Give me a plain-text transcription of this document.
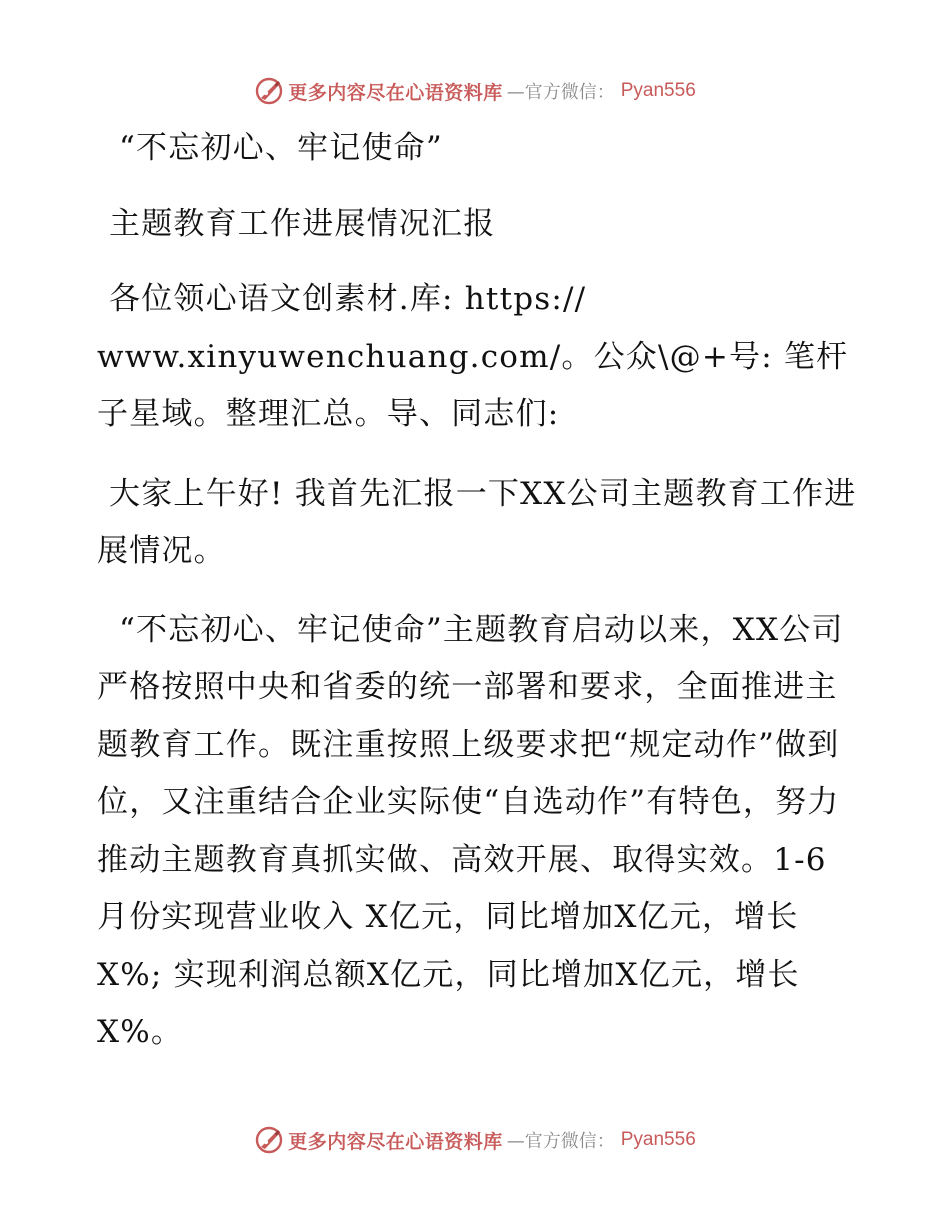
更多内容尽在心语资料库 —官方微信： Pyan556

“不忘初心、牢记使命”

主题教育工作进展情况汇报

各位领心语文创素材.库: https:// www.xinyuwenchuang.com/。公众\@+号: 笔杆子星域。整理汇总。导、同志们:

大家上午好! 我首先汇报一下XX公司主题教育工作进展情况。

“不忘初心、牢记使命”主题教育启动以来，XX公司严格按照中央和省委的统一部署和要求，全面推进主题教育工作。既注重按照上级要求把“规定动作”做到位，又注重结合企业实际使“自选动作”有特色，努力推动主题教育真抓实做、高效开展、取得实效。1-6月份实现营业收入 X亿元，同比增加X亿元，增长X%; 实现利润总额X亿元，同比增加X亿元，增长X%。

更多内容尽在心语资料库 —官方微信： Pyan556
